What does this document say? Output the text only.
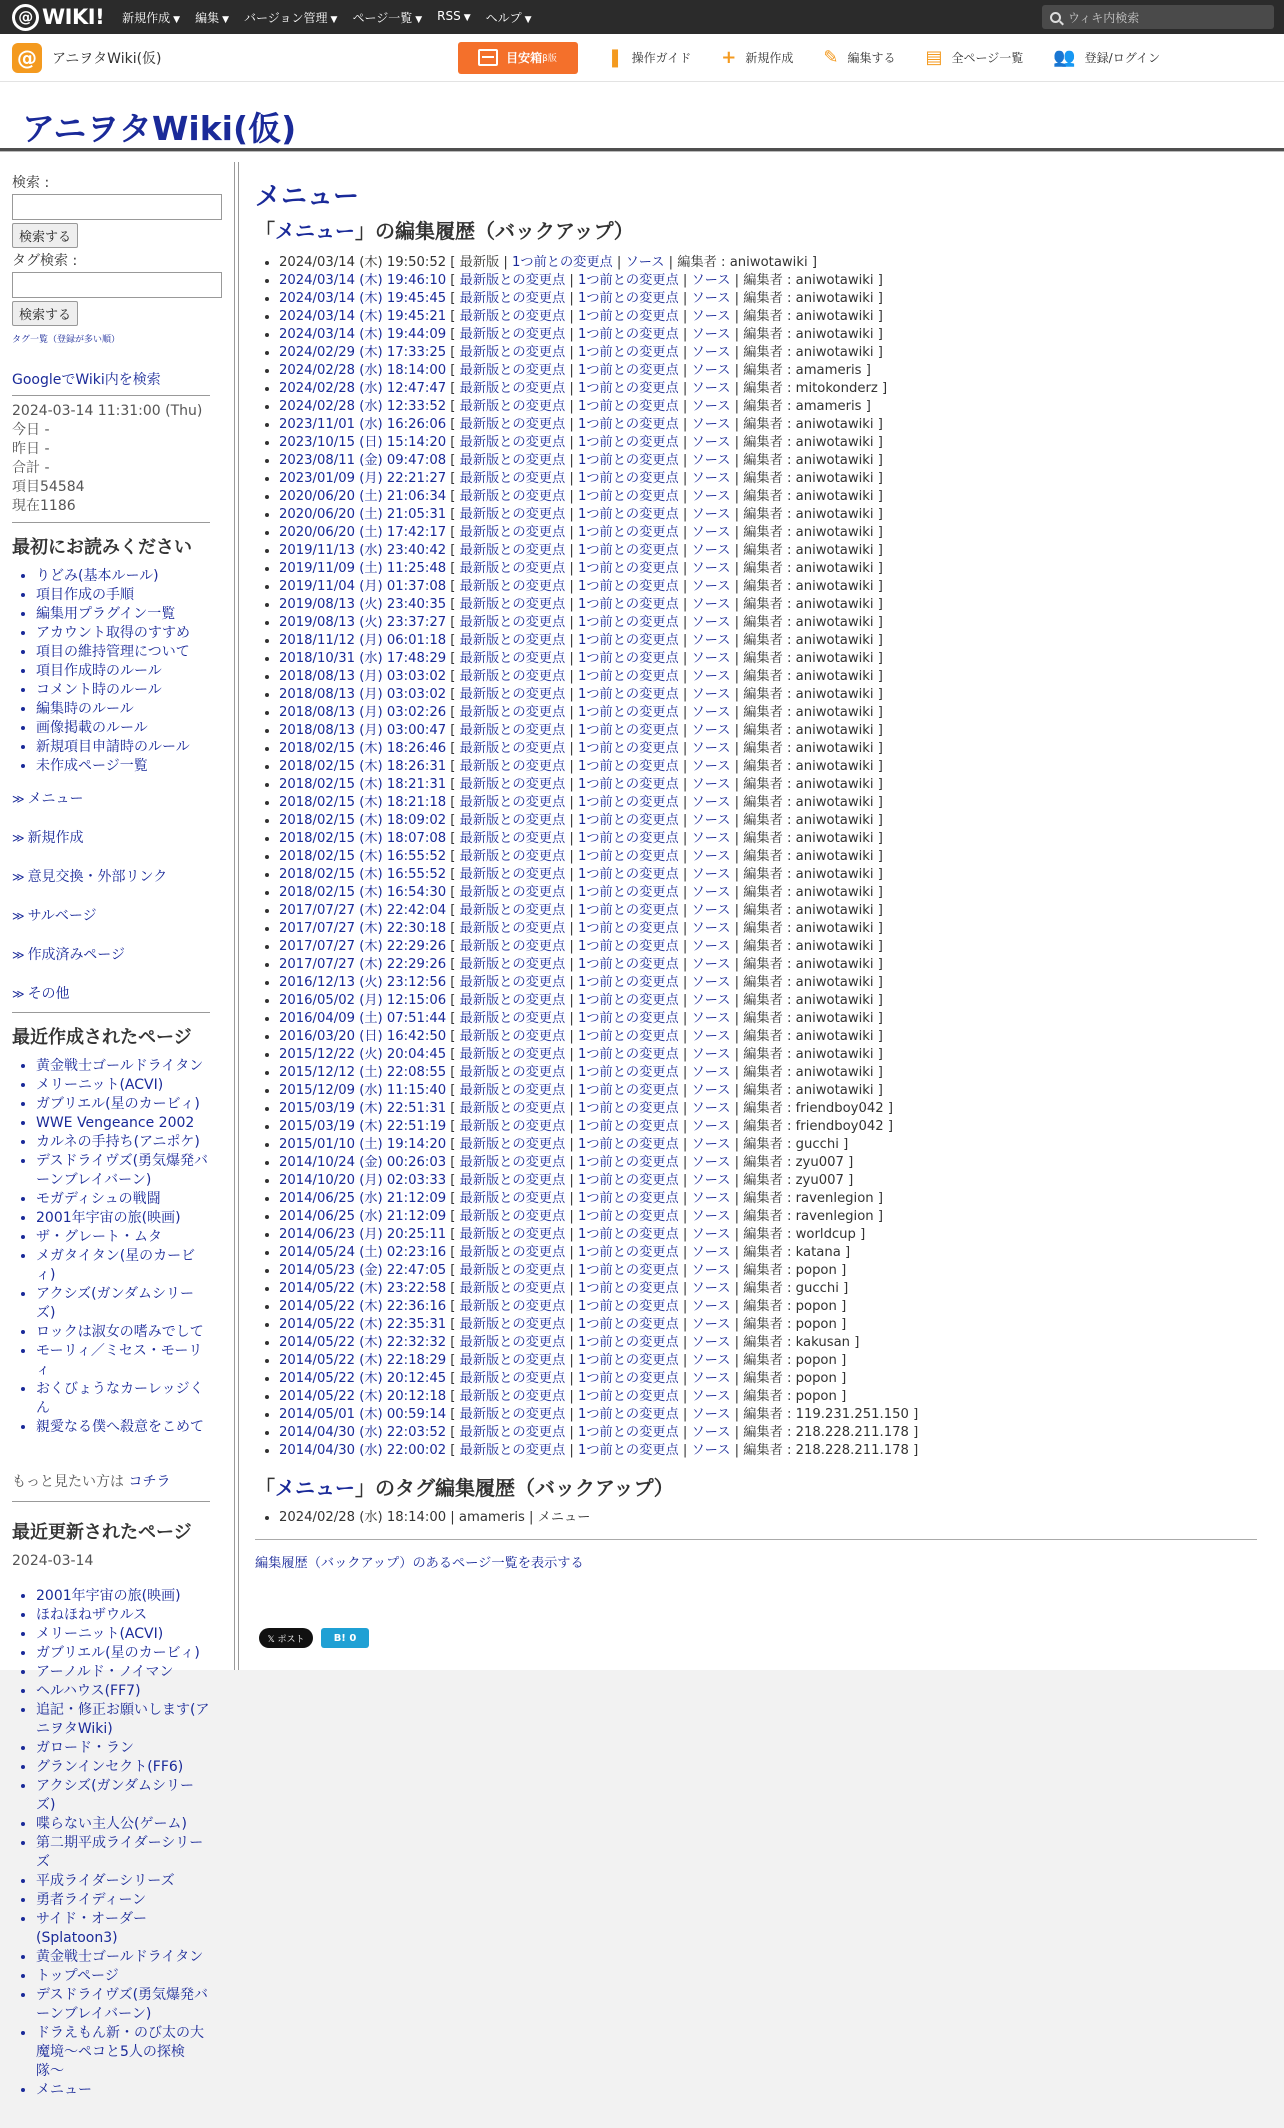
@ WIKI! 新規作成 ▼ 編集 ▼ バージョン管理 ▼ ページ一覧 ▼ RSS ▼ ヘルプ ▼	ウィキ内検索
@	アニヲタWiki(仮)	目安箱 β版	❚ 操作ガイド + 新規作成 ✎ 編集する ▤ 全ページ一覧 👥 登録/ログイン
アニヲタWiki(仮)
検索 :
検索する
タグ検索 :
検索する
タグ一覧（登録が多い順）
GoogleでWiki内を検索
2024-03-14 11:31:00 (Thu)
今日 -
昨日 -
合計 -
項目54584
現在1186
最初にお読みください
• りどみ(基本ルール)
• 項目作成の手順
• 編集用プラグイン一覧
• アカウント取得のすすめ
• 項目の維持管理について
• 項目作成時のルール
• コメント時のルール
• 編集時のルール
• 画像掲載のルール
• 新規項目申請時のルール
• 未作成ページ一覧
≫ メニュー
≫ 新規作成
≫ 意見交換・外部リンク
≫ サルベージ
≫ 作成済みページ
≫ その他
最近作成されたページ
• 黄金戦士ゴールドライタン
• メリーニット(ACVI)
• ガブリエル(星のカービィ)
• WWE Vengeance 2002
• カルネの手持ち(アニポケ)
• デスドライヴズ(勇気爆発バーンブレイバーン)
• モガディシュの戦闘
• 2001年宇宙の旅(映画)
• ザ・グレート・ムタ
• メガタイタン(星のカービィ)
• アクシズ(ガンダムシリーズ)
• ロックは淑女の嗜みでして
• モーリィ／ミセス・モーリィ
• おくびょうなカーレッジくん
• 親愛なる僕へ殺意をこめて
もっと見たい方は コチラ
最近更新されたページ
2024-03-14
• 2001年宇宙の旅(映画)
• ほねほねザウルス
• メリーニット(ACVI)
• ガブリエル(星のカービィ)
• アーノルド・ノイマン
• ヘルハウス(FF7)
• 追記・修正お願いします(アニヲタWiki)
• ガロード・ラン
• グランインセクト(FF6)
• アクシズ(ガンダムシリーズ)
• 喋らない主人公(ゲーム)
• 第二期平成ライダーシリーズ
• 平成ライダーシリーズ
• 勇者ライディーン
• サイド・オーダー(Splatoon3)
• 黄金戦士ゴールドライタン
• トップページ
• デスドライヴズ(勇気爆発バーンブレイバーン)
• ドラえもん新・のび太の大魔境〜ペコと5人の探検隊〜
• メニュー
メニュー
「メニュー」の編集履歴（バックアップ）
• 2024/03/14 (木) 19:50:52 [ 最新版 | 1つ前との変更点 | ソース | 編集者 : aniwotawiki ]
• 2024/03/14 (木) 19:46:10 [ 最新版との変更点 | 1つ前との変更点 | ソース | 編集者 : aniwotawiki ]
• 2024/03/14 (木) 19:45:45 [ 最新版との変更点 | 1つ前との変更点 | ソース | 編集者 : aniwotawiki ]
• 2024/03/14 (木) 19:45:21 [ 最新版との変更点 | 1つ前との変更点 | ソース | 編集者 : aniwotawiki ]
• 2024/03/14 (木) 19:44:09 [ 最新版との変更点 | 1つ前との変更点 | ソース | 編集者 : aniwotawiki ]
• 2024/02/29 (木) 17:33:25 [ 最新版との変更点 | 1つ前との変更点 | ソース | 編集者 : aniwotawiki ]
• 2024/02/28 (水) 18:14:00 [ 最新版との変更点 | 1つ前との変更点 | ソース | 編集者 : amameris ]
• 2024/02/28 (水) 12:47:47 [ 最新版との変更点 | 1つ前との変更点 | ソース | 編集者 : mitokonderz ]
• 2024/02/28 (水) 12:33:52 [ 最新版との変更点 | 1つ前との変更点 | ソース | 編集者 : amameris ]
• 2023/11/01 (水) 16:26:06 [ 最新版との変更点 | 1つ前との変更点 | ソース | 編集者 : aniwotawiki ]
• 2023/10/15 (日) 15:14:20 [ 最新版との変更点 | 1つ前との変更点 | ソース | 編集者 : aniwotawiki ]
• 2023/08/11 (金) 09:47:08 [ 最新版との変更点 | 1つ前との変更点 | ソース | 編集者 : aniwotawiki ]
• 2023/01/09 (月) 22:21:27 [ 最新版との変更点 | 1つ前との変更点 | ソース | 編集者 : aniwotawiki ]
• 2020/06/20 (土) 21:06:34 [ 最新版との変更点 | 1つ前との変更点 | ソース | 編集者 : aniwotawiki ]
• 2020/06/20 (土) 21:05:31 [ 最新版との変更点 | 1つ前との変更点 | ソース | 編集者 : aniwotawiki ]
• 2020/06/20 (土) 17:42:17 [ 最新版との変更点 | 1つ前との変更点 | ソース | 編集者 : aniwotawiki ]
• 2019/11/13 (水) 23:40:42 [ 最新版との変更点 | 1つ前との変更点 | ソース | 編集者 : aniwotawiki ]
• 2019/11/09 (土) 11:25:48 [ 最新版との変更点 | 1つ前との変更点 | ソース | 編集者 : aniwotawiki ]
• 2019/11/04 (月) 01:37:08 [ 最新版との変更点 | 1つ前との変更点 | ソース | 編集者 : aniwotawiki ]
• 2019/08/13 (火) 23:40:35 [ 最新版との変更点 | 1つ前との変更点 | ソース | 編集者 : aniwotawiki ]
• 2019/08/13 (火) 23:37:27 [ 最新版との変更点 | 1つ前との変更点 | ソース | 編集者 : aniwotawiki ]
• 2018/11/12 (月) 06:01:18 [ 最新版との変更点 | 1つ前との変更点 | ソース | 編集者 : aniwotawiki ]
• 2018/10/31 (水) 17:48:29 [ 最新版との変更点 | 1つ前との変更点 | ソース | 編集者 : aniwotawiki ]
• 2018/08/13 (月) 03:03:02 [ 最新版との変更点 | 1つ前との変更点 | ソース | 編集者 : aniwotawiki ]
• 2018/08/13 (月) 03:03:02 [ 最新版との変更点 | 1つ前との変更点 | ソース | 編集者 : aniwotawiki ]
• 2018/08/13 (月) 03:02:26 [ 最新版との変更点 | 1つ前との変更点 | ソース | 編集者 : aniwotawiki ]
• 2018/08/13 (月) 03:00:47 [ 最新版との変更点 | 1つ前との変更点 | ソース | 編集者 : aniwotawiki ]
• 2018/02/15 (木) 18:26:46 [ 最新版との変更点 | 1つ前との変更点 | ソース | 編集者 : aniwotawiki ]
• 2018/02/15 (木) 18:26:31 [ 最新版との変更点 | 1つ前との変更点 | ソース | 編集者 : aniwotawiki ]
• 2018/02/15 (木) 18:21:31 [ 最新版との変更点 | 1つ前との変更点 | ソース | 編集者 : aniwotawiki ]
• 2018/02/15 (木) 18:21:18 [ 最新版との変更点 | 1つ前との変更点 | ソース | 編集者 : aniwotawiki ]
• 2018/02/15 (木) 18:09:02 [ 最新版との変更点 | 1つ前との変更点 | ソース | 編集者 : aniwotawiki ]
• 2018/02/15 (木) 18:07:08 [ 最新版との変更点 | 1つ前との変更点 | ソース | 編集者 : aniwotawiki ]
• 2018/02/15 (木) 16:55:52 [ 最新版との変更点 | 1つ前との変更点 | ソース | 編集者 : aniwotawiki ]
• 2018/02/15 (木) 16:55:52 [ 最新版との変更点 | 1つ前との変更点 | ソース | 編集者 : aniwotawiki ]
• 2018/02/15 (木) 16:54:30 [ 最新版との変更点 | 1つ前との変更点 | ソース | 編集者 : aniwotawiki ]
• 2017/07/27 (木) 22:42:04 [ 最新版との変更点 | 1つ前との変更点 | ソース | 編集者 : aniwotawiki ]
• 2017/07/27 (木) 22:30:18 [ 最新版との変更点 | 1つ前との変更点 | ソース | 編集者 : aniwotawiki ]
• 2017/07/27 (木) 22:29:26 [ 最新版との変更点 | 1つ前との変更点 | ソース | 編集者 : aniwotawiki ]
• 2017/07/27 (木) 22:29:26 [ 最新版との変更点 | 1つ前との変更点 | ソース | 編集者 : aniwotawiki ]
• 2016/12/13 (火) 23:12:56 [ 最新版との変更点 | 1つ前との変更点 | ソース | 編集者 : aniwotawiki ]
• 2016/05/02 (月) 12:15:06 [ 最新版との変更点 | 1つ前との変更点 | ソース | 編集者 : aniwotawiki ]
• 2016/04/09 (土) 07:51:44 [ 最新版との変更点 | 1つ前との変更点 | ソース | 編集者 : aniwotawiki ]
• 2016/03/20 (日) 16:42:50 [ 最新版との変更点 | 1つ前との変更点 | ソース | 編集者 : aniwotawiki ]
• 2015/12/22 (火) 20:04:45 [ 最新版との変更点 | 1つ前との変更点 | ソース | 編集者 : aniwotawiki ]
• 2015/12/12 (土) 22:08:55 [ 最新版との変更点 | 1つ前との変更点 | ソース | 編集者 : aniwotawiki ]
• 2015/12/09 (水) 11:15:40 [ 最新版との変更点 | 1つ前との変更点 | ソース | 編集者 : aniwotawiki ]
• 2015/03/19 (木) 22:51:31 [ 最新版との変更点 | 1つ前との変更点 | ソース | 編集者 : friendboy042 ]
• 2015/03/19 (木) 22:51:19 [ 最新版との変更点 | 1つ前との変更点 | ソース | 編集者 : friendboy042 ]
• 2015/01/10 (土) 19:14:20 [ 最新版との変更点 | 1つ前との変更点 | ソース | 編集者 : gucchi ]
• 2014/10/24 (金) 00:26:03 [ 最新版との変更点 | 1つ前との変更点 | ソース | 編集者 : zyu007 ]
• 2014/10/20 (月) 02:03:33 [ 最新版との変更点 | 1つ前との変更点 | ソース | 編集者 : zyu007 ]
• 2014/06/25 (水) 21:12:09 [ 最新版との変更点 | 1つ前との変更点 | ソース | 編集者 : ravenlegion ]
• 2014/06/25 (水) 21:12:09 [ 最新版との変更点 | 1つ前との変更点 | ソース | 編集者 : ravenlegion ]
• 2014/06/23 (月) 20:25:11 [ 最新版との変更点 | 1つ前との変更点 | ソース | 編集者 : worldcup ]
• 2014/05/24 (土) 02:23:16 [ 最新版との変更点 | 1つ前との変更点 | ソース | 編集者 : katana ]
• 2014/05/23 (金) 22:47:05 [ 最新版との変更点 | 1つ前との変更点 | ソース | 編集者 : popon ]
• 2014/05/22 (木) 23:22:58 [ 最新版との変更点 | 1つ前との変更点 | ソース | 編集者 : gucchi ]
• 2014/05/22 (木) 22:36:16 [ 最新版との変更点 | 1つ前との変更点 | ソース | 編集者 : popon ]
• 2014/05/22 (木) 22:35:31 [ 最新版との変更点 | 1つ前との変更点 | ソース | 編集者 : popon ]
• 2014/05/22 (木) 22:32:32 [ 最新版との変更点 | 1つ前との変更点 | ソース | 編集者 : kakusan ]
• 2014/05/22 (木) 22:18:29 [ 最新版との変更点 | 1つ前との変更点 | ソース | 編集者 : popon ]
• 2014/05/22 (木) 20:12:45 [ 最新版との変更点 | 1つ前との変更点 | ソース | 編集者 : popon ]
• 2014/05/22 (木) 20:12:18 [ 最新版との変更点 | 1つ前との変更点 | ソース | 編集者 : popon ]
• 2014/05/01 (木) 00:59:14 [ 最新版との変更点 | 1つ前との変更点 | ソース | 編集者 : 119.231.251.150 ]
• 2014/04/30 (水) 22:03:52 [ 最新版との変更点 | 1つ前との変更点 | ソース | 編集者 : 218.228.211.178 ]
• 2014/04/30 (水) 22:00:02 [ 最新版との変更点 | 1つ前との変更点 | ソース | 編集者 : 218.228.211.178 ]
「メニュー」のタグ編集履歴（バックアップ）
• 2024/02/28 (水) 18:14:00 | amameris | メニュー
編集履歴（バックアップ）のあるページ一覧を表示する
𝕏 ポスト	B! 0
